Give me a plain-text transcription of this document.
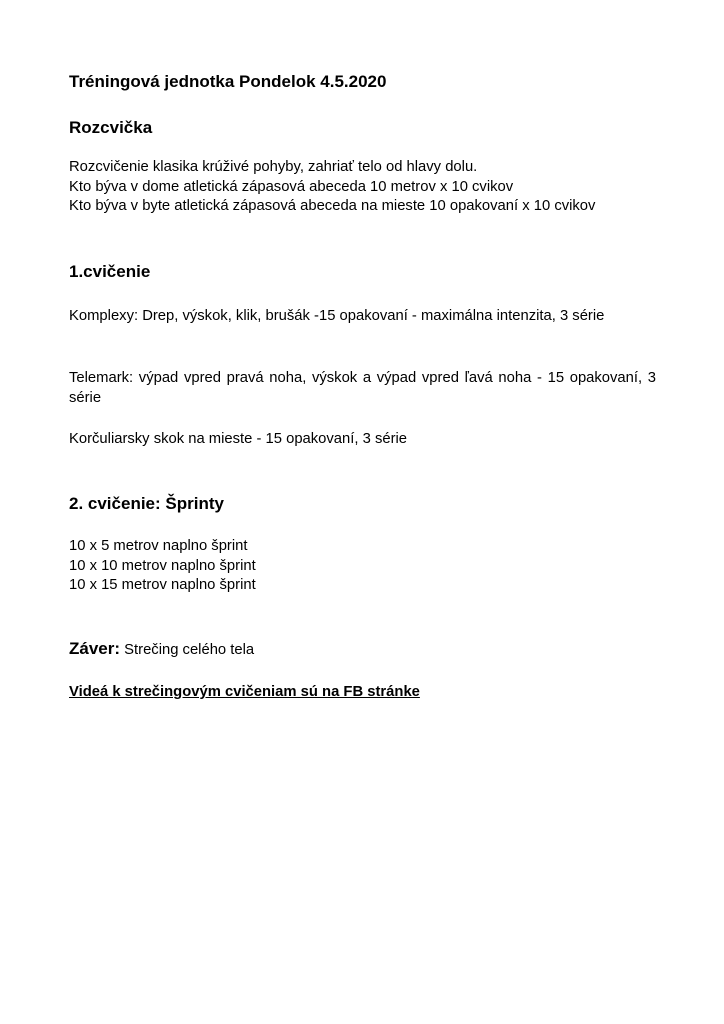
Tréningová jednotka Pondelok 4.5.2020
Rozcvička
Rozcvičenie klasika krúživé pohyby, zahriať telo od hlavy dolu.
Kto býva v dome atletická zápasová abeceda 10 metrov x 10 cvikov
Kto býva v byte atletická zápasová abeceda na mieste 10 opakovaní x 10 cvikov
1.cvičenie

Komplexy: Drep, výskok, klik, brušák -15 opakovaní - maximálna intenzita, 3 série

Telemark: výpad vpred pravá noha, výskok a výpad vpred ľavá noha - 15 opakovaní, 3 série

Korčuliarsky skok na mieste - 15 opakovaní, 3 série

2. cvičenie: Šprinty
10 x 5 metrov naplno šprint
10 x 10 metrov naplno šprint
10 x 15 metrov naplno šprint

Záver: Strečing celého tela

Videá k strečingovým cvičeniam sú na FB stránke
